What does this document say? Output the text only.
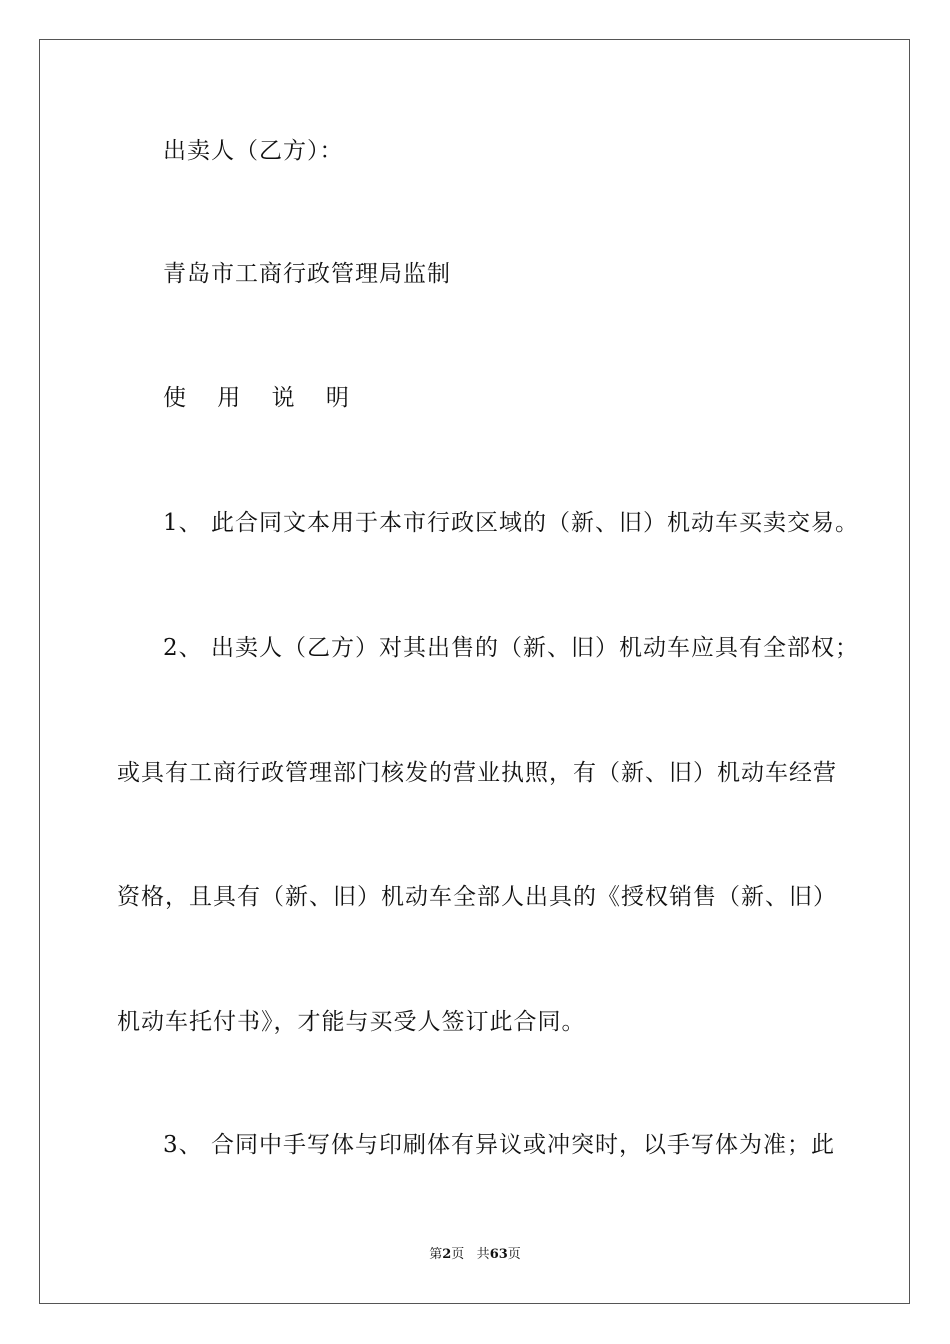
出卖人（乙方）：
青岛市工商行政管理局监制
使 用 说 明
1、 此合同文本用于本市行政区域的（新、旧）机动车买卖交易。
2、 出卖人（乙方）对其出售的（新、旧）机动车应具有全部权；
或具有工商行政管理部门核发的营业执照，有（新、旧）机动车经营
资格，且具有（新、旧）机动车全部人出具的《授权销售（新、旧）
机动车托付书》，才能与买受人签订此合同。
3、 合同中手写体与印刷体有异议或冲突时，以手写体为准；此
第2页 共63页
